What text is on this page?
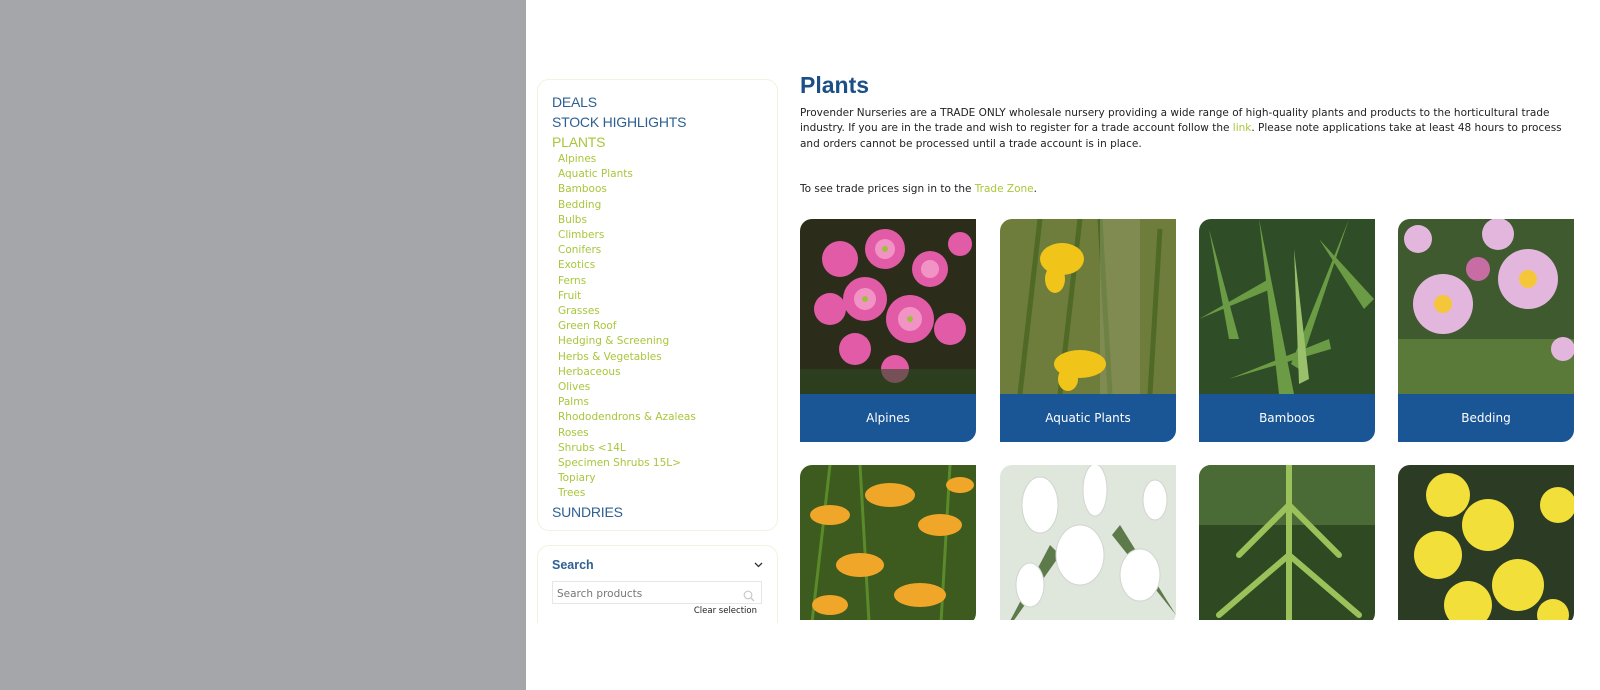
DEALS
STOCK HIGHLIGHTS
PLANTS
Alpines
Aquatic Plants
Bamboos
Bedding
Bulbs
Climbers
Conifers
Exotics
Ferns
Fruit
Grasses
Green Roof
Hedging & Screening
Herbs & Vegetables
Herbaceous
Olives
Palms
Rhododendrons & Azaleas
Roses
Shrubs <14L
Specimen Shrubs 15L>
Topiary
Trees
SUNDRIES
Search
Search products
Clear selection
Plants

Provender Nurseries are a TRADE ONLY wholesale nursery providing a wide range of high-quality plants and products to the horticultural trade industry. If you are in the trade and wish to register for a trade account follow the link. Please note applications take at least 48 hours to process and orders cannot be processed until a trade account is in place.

To see trade prices sign in to the Trade Zone.

Alpines	Aquatic Plants	Bamboos	Bedding
